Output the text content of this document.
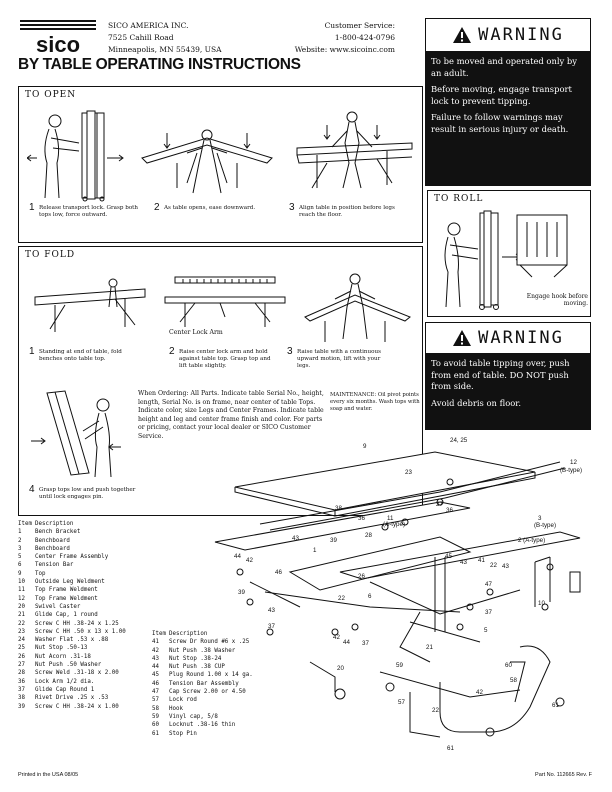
sico
SICO AMERICA INC.
7525 Cahill Road
Minneapolis, MN 55439, USA
Customer Service:
1-800-424-0796
Website: www.sicoinc.com
BY TABLE OPERATING INSTRUCTIONS
WARNING

To be moved and operated only by an adult.

Before moving, engage transport lock to prevent tipping.

Failure to follow warnings may result in serious injury or death.

TO OPEN
1 Release transport lock. Grasp both tops low, force outward.
2 As table opens, ease downward.	3 Align table in position before legs reach the floor.
TO ROLL
Engage hook before moving.
TO FOLD
Center Lock Arm
1 Standing at end of table, fold benches onto table top.
2 Raise center lock arm and hold against table top. Grasp top and lift table slightly.
3 Raise table with a continuous upward motion, lift with your legs.
4 Grasp tops low and push together until lock engages pin.
WARNING

To avoid table tipping over, push from end of table. DO NOT push from side.

Avoid debris on floor.

When Ordering: All Parts. Indicate table Serial No., height, length, Serial No. is on frame, near center of table Tops. Indicate color, size Legs and Center Frames. Indicate table height and leg and center frame finish and color. For parts or pricing, contact your local dealer or SICO Customer Service.
MAINTENANCE: Oil pivot points every six months. Wash tops with soap and water.
9
24, 25
23
12
(B-type)
11
(A-type)
36
38
28
39
43
1
27
36
3
(B-type)
2 (A-type)
44
42
46
39
26
45
43 41
22 43
47
10
43
37
22	6
37
5
21
42
44 37
20	59	60
57
58
22
61
61
42
Item	Description
1	Bench Bracket
2	Benchboard
3	Benchboard
5	Center Frame Assembly
6	Tension Bar
9	Top
10	Outside Leg Weldment
11	Top Frame Weldment
12	Top Frame Weldment
20	Swivel Caster
21	Glide Cap, 1 round
22	Screw C HH .38-24 x 1.25
23	Screw C HH .50 x 13 x 1.00
24	Washer Flat .53 x .88
25	Nut Stop .50-13
26	Nut Acorn .31-18
27	Nut Push .50 Washer
28	Screw Weld .31-18 x 2.00
36	Lock Arm 1/2 dia.
37	Glide Cap Round 1
38	Rivet Drive .25 x .53
39	Screw C HH .38-24 x 1.00
Item	Description
41	Screw Dr Round #6 x .25
42	Nut Push .38 Washer
43	Nut Stop .38-24
44	Nut Push .38 CUP
45	Plug Round 1.00 x 14 ga.
46	Tension Bar Assembly
47	Cap Screw 2.00 or 4.50
57	Lock rod
58	Hook
59	Vinyl cap, 5/8
60	Locknut .38-16 thin
61	Stop Pin
Printed in the USA 08/05	Part No. 112665 Rev. F
